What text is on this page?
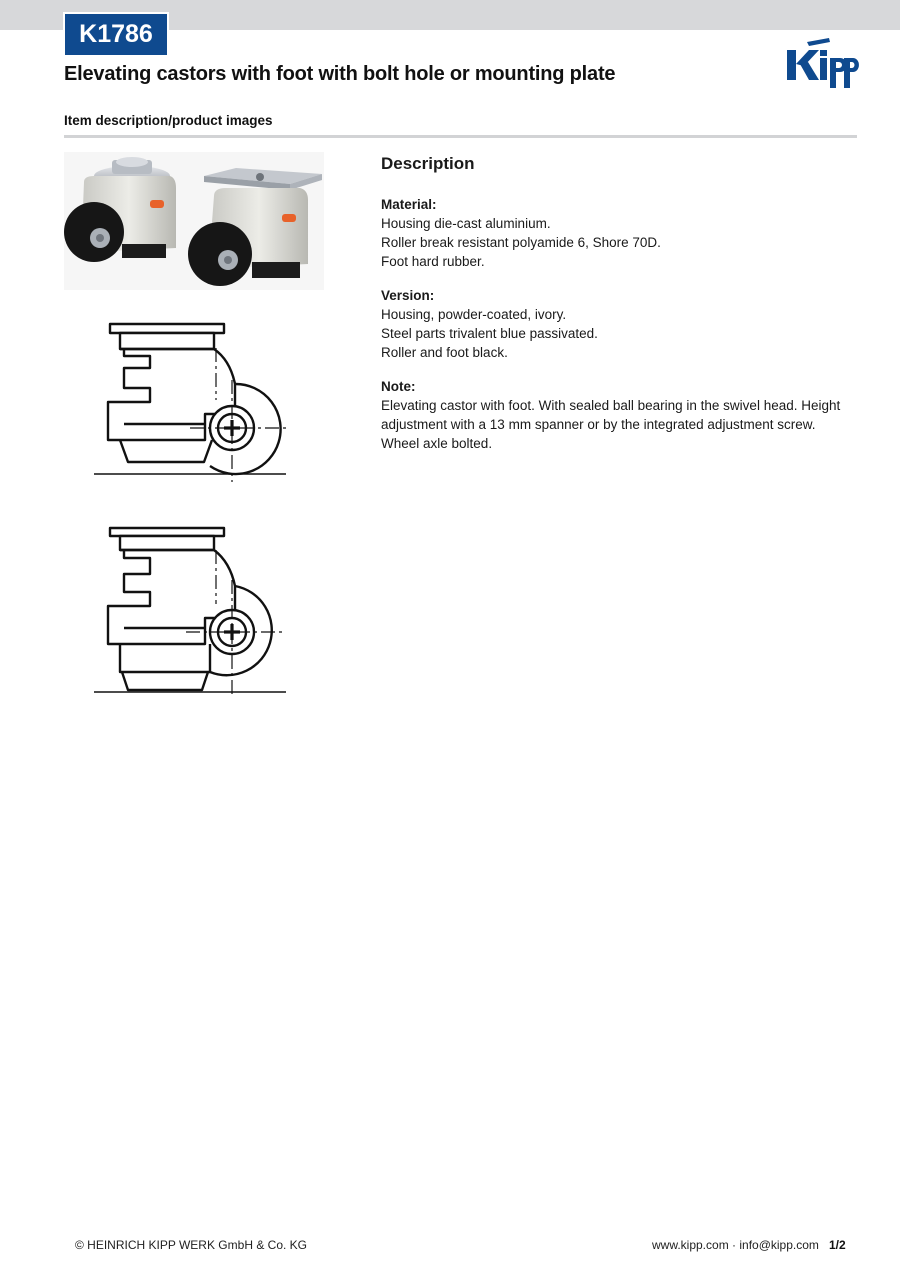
K1786
Elevating castors with foot with bolt hole or mounting plate
Item description/product images
Description
Material:

Housing die-cast aluminium.

Roller break resistant polyamide 6, Shore 70D.

Foot hard rubber.

Version:

Housing, powder-coated, ivory.

Steel parts trivalent blue passivated.

Roller and foot black.

Note:

Elevating castor with foot. With sealed ball bearing in the swivel head. Height adjustment with a 13 mm spanner or by the integrated adjustment screw. Wheel axle bolted.

© HEINRICH KIPP WERK GmbH & Co. KG	www.kipp.com · info@kipp.com 1/2
